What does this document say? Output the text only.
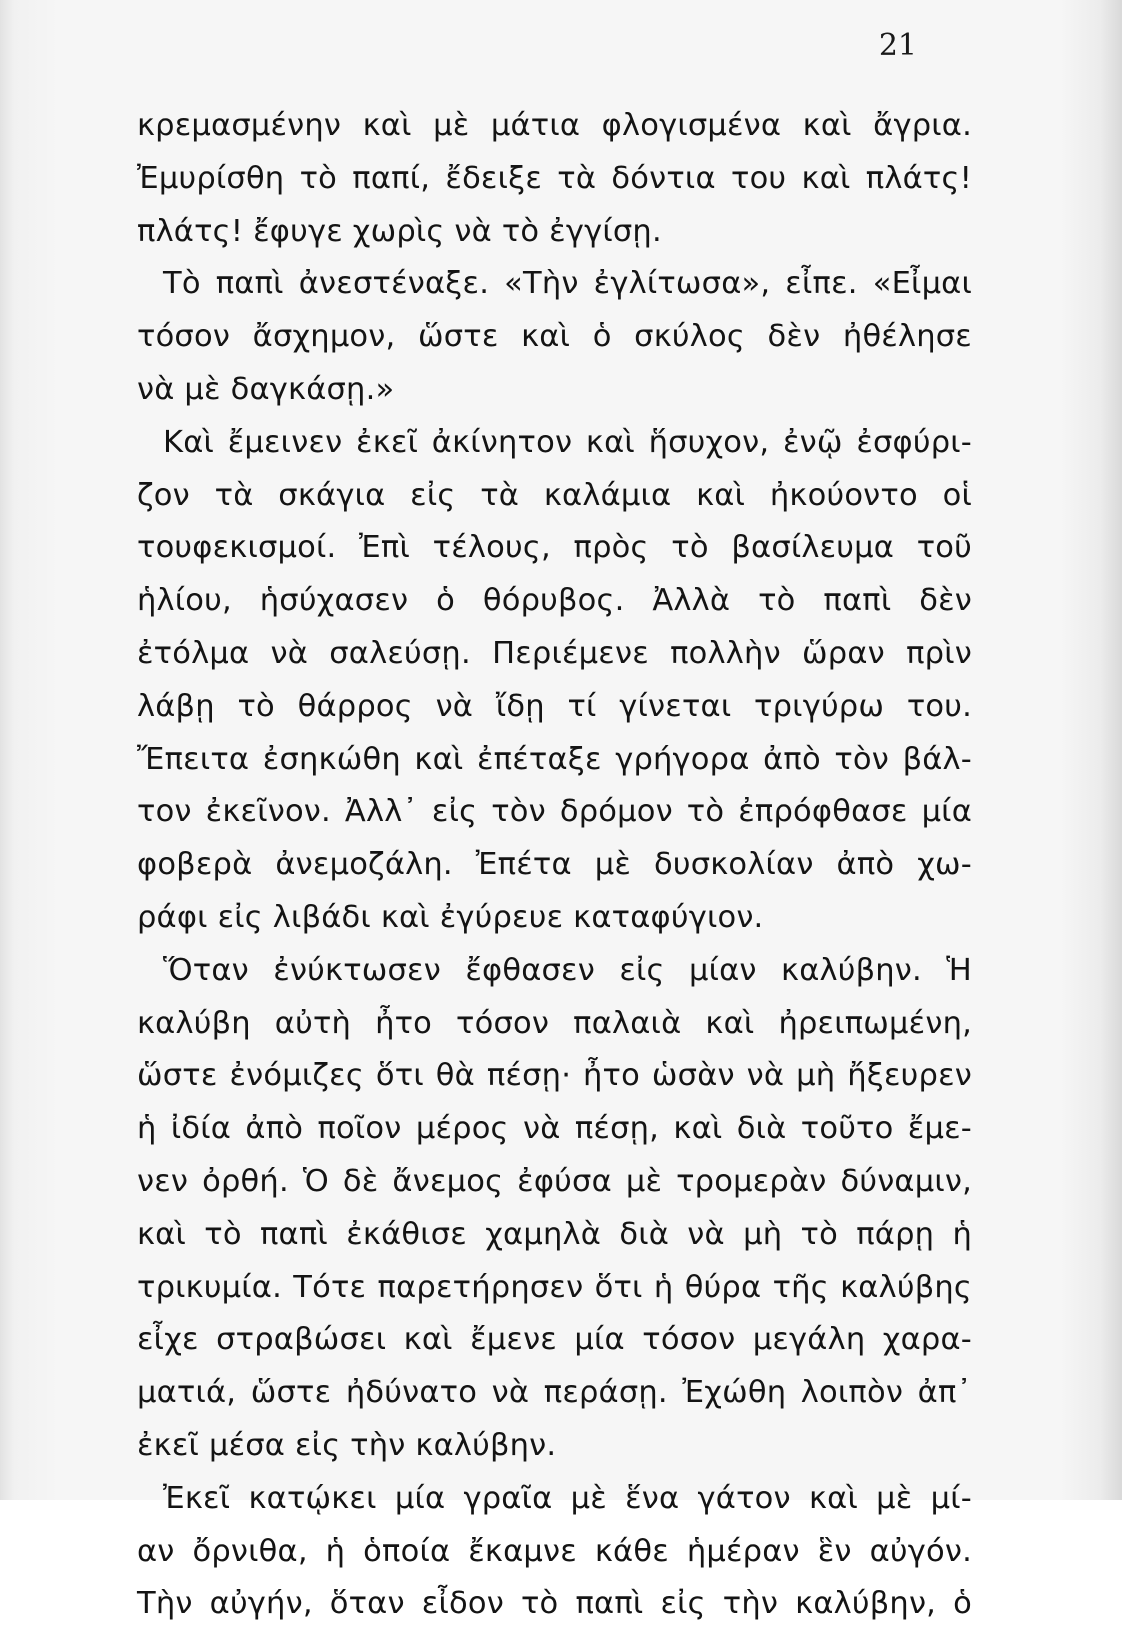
21
κρεμασμένην καὶ μὲ μάτια φλογισμένα καὶ ἄγρια.
Ἐμυρίσθη τὸ παπί, ἔδειξε τὰ δόντια του καὶ πλάτς!
πλάτς! ἔφυγε χωρὶς νὰ τὸ ἐγγίσῃ.
Τὸ παπὶ ἀνεστέναξε. «Τὴν ἐγλίτωσα», εἶπε. «Εἶμαι
τόσον ἄσχημον, ὥστε καὶ ὁ σκύλος δὲν ἠθέλησε
νὰ μὲ δαγκάσῃ.»
Καὶ ἔμεινεν ἐκεῖ ἀκίνητον καὶ ἥσυχον, ἐνῷ ἐσφύρι-
ζον τὰ σκάγια εἰς τὰ καλάμια καὶ ἠκούοντο οἱ
τουφεκισμοί. Ἐπὶ τέλους, πρὸς τὸ βασίλευμα τοῦ
ἡλίου, ἡσύχασεν ὁ θόρυβος. Ἀλλὰ τὸ παπὶ δὲν
ἐτόλμα νὰ σαλεύσῃ. Περιέμενε πολλὴν ὥραν πρὶν
λάβῃ τὸ θάρρος νὰ ἴδῃ τί γίνεται τριγύρω του.
Ἔπειτα ἐσηκώθη καὶ ἐπέταξε γρήγορα ἀπὸ τὸν βάλ-
τον ἐκεῖνον. Ἀλλ᾽ εἰς τὸν δρόμον τὸ ἐπρόφθασε μία
φοβερὰ ἀνεμοζάλη. Ἐπέτα μὲ δυσκολίαν ἀπὸ χω-
ράφι εἰς λιβάδι καὶ ἐγύρευε καταφύγιον.
Ὅταν ἐνύκτωσεν ἔφθασεν εἰς μίαν καλύβην. Ἡ
καλύβη αὐτὴ ἦτο τόσον παλαιὰ καὶ ἠρειπωμένη,
ὥστε ἐνόμιζες ὅτι θὰ πέσῃ· ἦτο ὡσὰν νὰ μὴ ἤξευρεν
ἡ ἰδία ἀπὸ ποῖον μέρος νὰ πέσῃ, καὶ διὰ τοῦτο ἔμε-
νεν ὀρθή. Ὁ δὲ ἄνεμος ἐφύσα μὲ τρομερὰν δύναμιν,
καὶ τὸ παπὶ ἐκάθισε χαμηλὰ διὰ νὰ μὴ τὸ πάρῃ ἡ
τρικυμία. Τότε παρετήρησεν ὅτι ἡ θύρα τῆς καλύβης
εἶχε στραβώσει καὶ ἔμενε μία τόσον μεγάλη χαρα-
ματιά, ὥστε ἠδύνατο νὰ περάσῃ. Ἐχώθη λοιπὸν ἀπ᾽
ἐκεῖ μέσα εἰς τὴν καλύβην.
Ἐκεῖ κατῴκει μία γραῖα μὲ ἕνα γάτον καὶ μὲ μί-
αν ὄρνιθα, ἡ ὁποία ἔκαμνε κάθε ἡμέραν ἓν αὐγόν.
Τὴν αὐγήν, ὅταν εἶδον τὸ παπὶ εἰς τὴν καλύβην, ὁ
